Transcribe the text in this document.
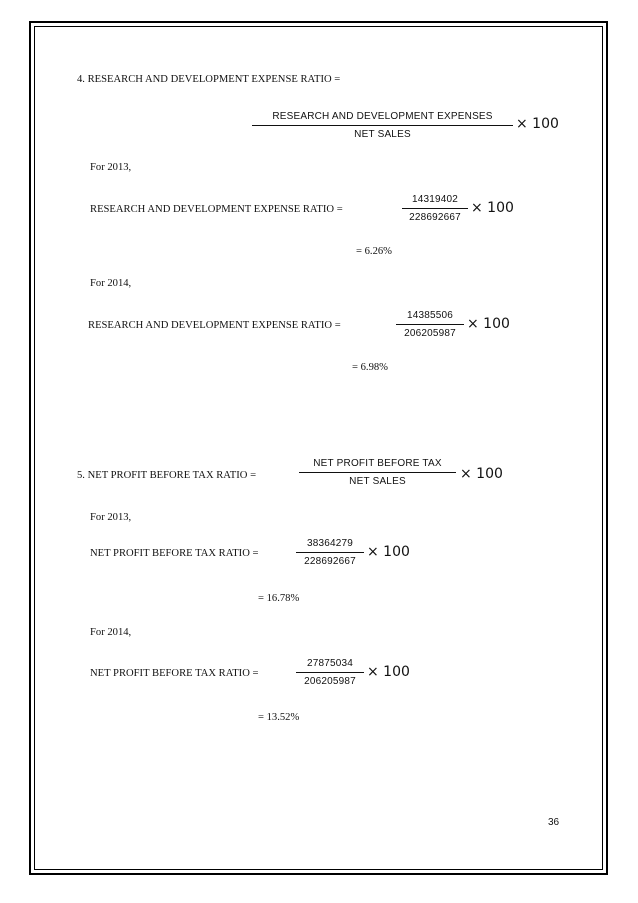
4. RESEARCH AND DEVELOPMENT EXPENSE RATIO =
RESEARCH AND DEVELOPMENT EXPENSES
NET SALES
× 100
For 2013,
RESEARCH AND DEVELOPMENT EXPENSE RATIO =
14319402
228692667
× 100
= 6.26%
For 2014,
RESEARCH AND DEVELOPMENT EXPENSE RATIO =
14385506
206205987
× 100
= 6.98%
5. NET PROFIT BEFORE TAX RATIO =
NET PROFIT BEFORE TAX
NET SALES	× 100
For 2013,
NET PROFIT BEFORE TAX RATIO =
38364279
228692667
× 100
= 16.78%
For 2014,
NET PROFIT BEFORE TAX RATIO =
27875034
206205987
× 100
= 13.52%
36
